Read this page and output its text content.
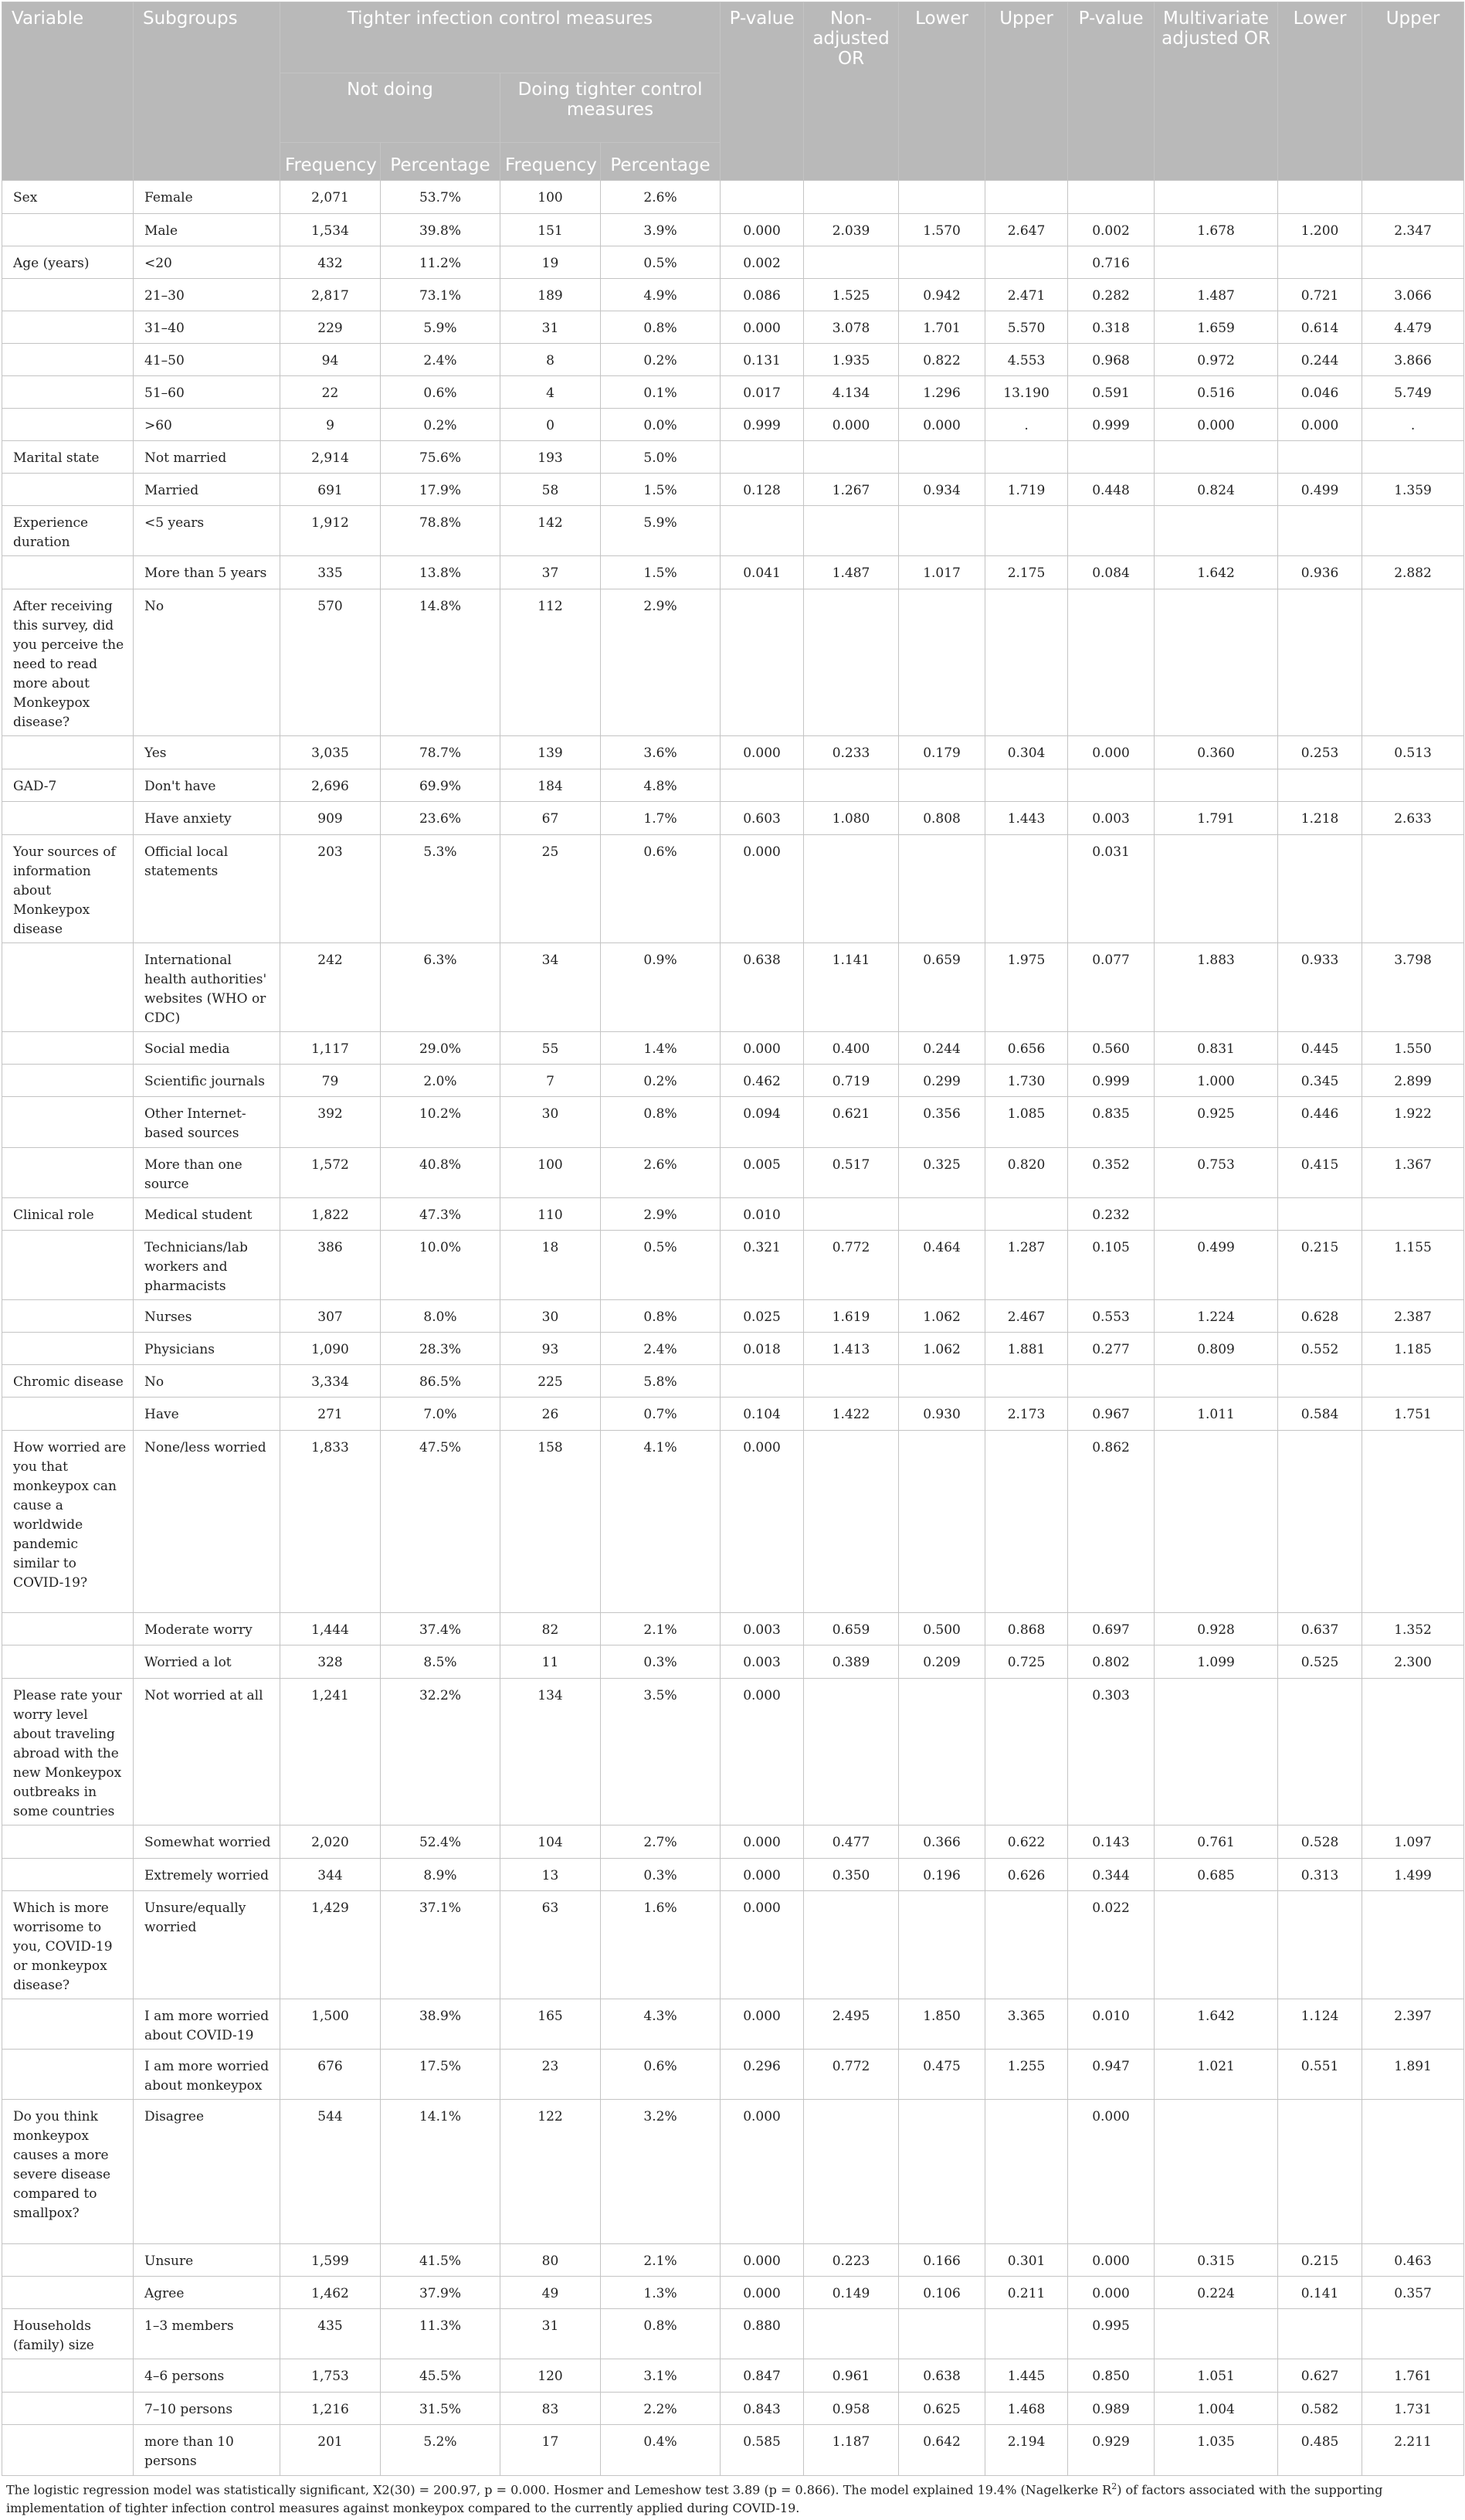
Variable	Subgroups	Tighter infection control measures				P-value	Non-adjusted OR	Lower	Upper	P-value	Multivariate adjusted OR	Lower	Upper
		Not doing		Doing tighter control measures									
		Frequency	Percentage	Frequency	Percentage								
Sex	Female	2,071	53.7%	100	2.6%								
	Male	1,534	39.8%	151	3.9%	0.000	2.039	1.570	2.647	0.002	1.678	1.200	2.347
Age (years)	<20	432	11.2%	19	0.5%	0.002				0.716			
	21–30	2,817	73.1%	189	4.9%	0.086	1.525	0.942	2.471	0.282	1.487	0.721	3.066
	31–40	229	5.9%	31	0.8%	0.000	3.078	1.701	5.570	0.318	1.659	0.614	4.479
	41–50	94	2.4%	8	0.2%	0.131	1.935	0.822	4.553	0.968	0.972	0.244	3.866
	51–60	22	0.6%	4	0.1%	0.017	4.134	1.296	13.190	0.591	0.516	0.046	5.749
	>60	9	0.2%	0	0.0%	0.999	0.000	0.000	.	0.999	0.000	0.000	.
Marital state	Not married	2,914	75.6%	193	5.0%								
	Married	691	17.9%	58	1.5%	0.128	1.267	0.934	1.719	0.448	0.824	0.499	1.359
Experience duration	<5 years	1,912	78.8%	142	5.9%								
	More than 5 years	335	13.8%	37	1.5%	0.041	1.487	1.017	2.175	0.084	1.642	0.936	2.882
After receiving this survey, did you perceive the need to read more about Monkeypox disease?	No	570	14.8%	112	2.9%								
	Yes	3,035	78.7%	139	3.6%	0.000	0.233	0.179	0.304	0.000	0.360	0.253	0.513
GAD-7	Don't have	2,696	69.9%	184	4.8%								
	Have anxiety	909	23.6%	67	1.7%	0.603	1.080	0.808	1.443	0.003	1.791	1.218	2.633
Your sources of information about Monkeypox disease	Official local statements	203	5.3%	25	0.6%	0.000				0.031			
	International health authorities' websites (WHO or CDC)	242	6.3%	34	0.9%	0.638	1.141	0.659	1.975	0.077	1.883	0.933	3.798
	Social media	1,117	29.0%	55	1.4%	0.000	0.400	0.244	0.656	0.560	0.831	0.445	1.550
	Scientific journals	79	2.0%	7	0.2%	0.462	0.719	0.299	1.730	0.999	1.000	0.345	2.899
	Other Internet-based sources	392	10.2%	30	0.8%	0.094	0.621	0.356	1.085	0.835	0.925	0.446	1.922
	More than one source	1,572	40.8%	100	2.6%	0.005	0.517	0.325	0.820	0.352	0.753	0.415	1.367
Clinical role	Medical student	1,822	47.3%	110	2.9%	0.010				0.232			
	Technicians/lab workers and pharmacists	386	10.0%	18	0.5%	0.321	0.772	0.464	1.287	0.105	0.499	0.215	1.155
	Nurses	307	8.0%	30	0.8%	0.025	1.619	1.062	2.467	0.553	1.224	0.628	2.387
	Physicians	1,090	28.3%	93	2.4%	0.018	1.413	1.062	1.881	0.277	0.809	0.552	1.185
Chromic disease	No	3,334	86.5%	225	5.8%								
	Have	271	7.0%	26	0.7%	0.104	1.422	0.930	2.173	0.967	1.011	0.584	1.751
How worried are you that monkeypox can cause a worldwide pandemic similar to COVID-19?	None/less worried	1,833	47.5%	158	4.1%	0.000				0.862			
	Moderate worry	1,444	37.4%	82	2.1%	0.003	0.659	0.500	0.868	0.697	0.928	0.637	1.352
	Worried a lot	328	8.5%	11	0.3%	0.003	0.389	0.209	0.725	0.802	1.099	0.525	2.300
Please rate your worry level about traveling abroad with the new Monkeypox outbreaks in some countries	Not worried at all	1,241	32.2%	134	3.5%	0.000				0.303			
	Somewhat worried	2,020	52.4%	104	2.7%	0.000	0.477	0.366	0.622	0.143	0.761	0.528	1.097
	Extremely worried	344	8.9%	13	0.3%	0.000	0.350	0.196	0.626	0.344	0.685	0.313	1.499
Which is more worrisome to you, COVID-19 or monkeypox disease?	Unsure/equally worried	1,429	37.1%	63	1.6%	0.000				0.022			
	I am more worried about COVID-19	1,500	38.9%	165	4.3%	0.000	2.495	1.850	3.365	0.010	1.642	1.124	2.397
	I am more worried about monkeypox	676	17.5%	23	0.6%	0.296	0.772	0.475	1.255	0.947	1.021	0.551	1.891
Do you think monkeypox causes a more severe disease compared to smallpox?	Disagree	544	14.1%	122	3.2%	0.000				0.000			
	Unsure	1,599	41.5%	80	2.1%	0.000	0.223	0.166	0.301	0.000	0.315	0.215	0.463
	Agree	1,462	37.9%	49	1.3%	0.000	0.149	0.106	0.211	0.000	0.224	0.141	0.357
Households (family) size	1–3 members	435	11.3%	31	0.8%	0.880				0.995			
	4–6 persons	1,753	45.5%	120	3.1%	0.847	0.961	0.638	1.445	0.850	1.051	0.627	1.761
	7–10 persons	1,216	31.5%	83	2.2%	0.843	0.958	0.625	1.468	0.989	1.004	0.582	1.731
	more than 10 persons	201	5.2%	17	0.4%	0.585	1.187	0.642	2.194	0.929	1.035	0.485	2.211
The logistic regression model was statistically significant, X2(30) = 200.97, p = 0.000. Hosmer and Lemeshow test 3.89 (p = 0.866). The model explained 19.4% (Nagelkerke $R^2$) of factors associated with the supporting implementation of tighter infection control measures against monkeypox compared to the currently applied during COVID-19.
